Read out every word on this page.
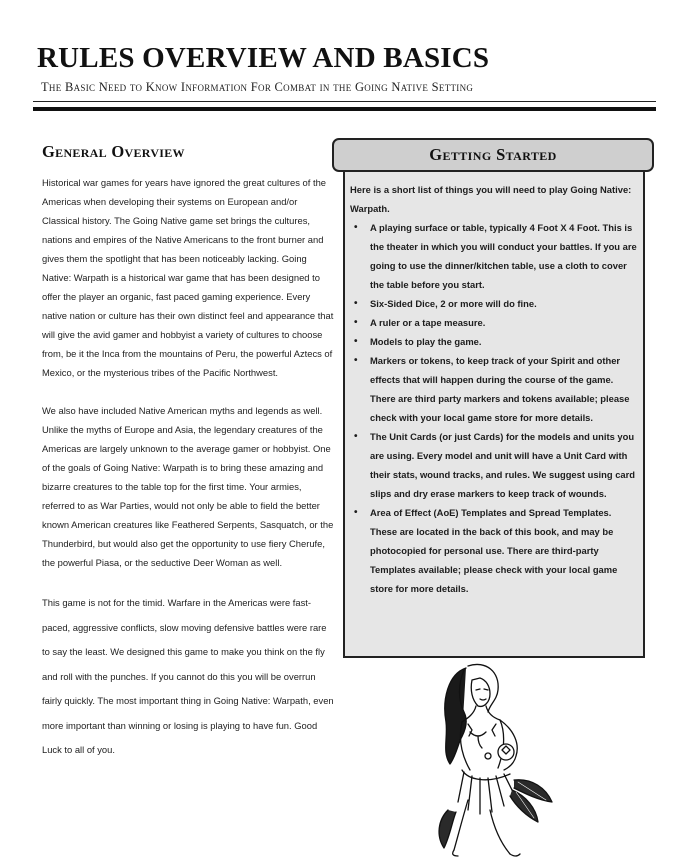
RULES OVERVIEW AND BASICS
The Basic Need to Know Information For Combat in the Going Native Setting
General Overview

Historical war games for years have ignored the great cultures of the Americas when developing their systems on European and/or Classical history. The Going Native game set brings the cultures, nations and empires of the Native Americans to the front burner and gives them the spotlight that has been noticeably lacking. Going Native: Warpath is a historical war game that has been designed to offer the player an organic, fast paced gaming experience. Every native nation or culture has their own distinct feel and appearance that will give the avid gamer and hobbyist a variety of cultures to choose from, be it the Inca from the mountains of Peru, the powerful Aztecs of Mexico, or the mysterious tribes of the Pacific Northwest.

We also have included Native American myths and legends as well. Unlike the myths of Europe and Asia, the legendary creatures of the Americas are largely unknown to the average gamer or hobbyist. One of the goals of Going Native: Warpath is to bring these amazing and bizarre creatures to the table top for the first time. Your armies, referred to as War Parties, would not only be able to field the better known American creatures like Feathered Serpents, Sasquatch, or the Thunderbird, but would also get the opportunity to use fiery Cherufe, the powerful Piasa, or the seductive Deer Woman as well.

This game is not for the timid. Warfare in the Americas were fast-paced, aggressive conflicts, slow moving defensive battles were rare to say the least. We designed this game to make you think on the fly and roll with the punches. If you cannot do this you will be overrun fairly quickly. The most important thing in Going Native: Warpath, even more important than winning or losing is playing to have fun. Good Luck to all of you.

Getting Started
Here is a short list of things you will need to play Going Native: Warpath.
• A playing surface or table, typically 4 Foot X 4 Foot. This is the theater in which you will conduct your battles. If you are going to use the dinner/kitchen table, use a cloth to cover the table before you start.
• Six-Sided Dice, 2 or more will do fine.
• A ruler or a tape measure.
• Models to play the game.
• Markers or tokens, to keep track of your Spirit and other effects that will happen during the course of the game. There are third party markers and tokens available; please check with your local game store for more details.
• The Unit Cards (or just Cards) for the models and units you are using. Every model and unit will have a Unit Card with their stats, wound tracks, and rules. We suggest using card slips and dry erase markers to keep track of wounds.
• Area of Effect (AoE) Templates and Spread Templates. These are located in the back of this book, and may be photocopied for personal use. There are third-party Templates available; please check with your local game store for more details.
